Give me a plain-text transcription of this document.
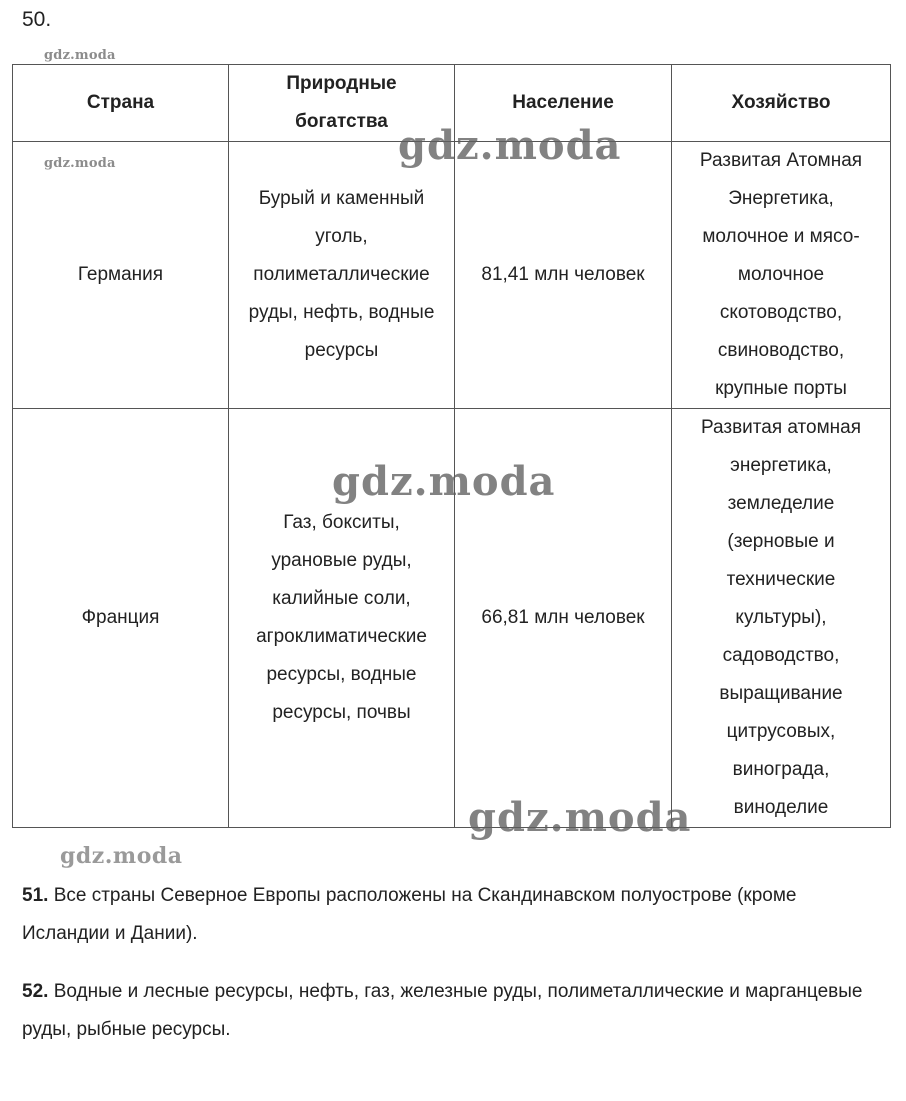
50.
gdz.moda
Страна	Природные богатства	Население	Хозяйство
Германия	Бурый и каменный уголь, полиметаллические руды, нефть, водные ресурсы	81,41 млн человек	Развитая Атомная Энергетика, молочное и мясо-молочное скотоводство, свиноводство, крупные порты
Франция	Газ, бокситы, урановые руды, калийные соли, агроклиматические ресурсы, водные ресурсы, почвы	66,81 млн человек	Развитая атомная энергетика, земледелие (зерновые и технические культуры), садоводство, выращивание цитрусовых, винограда, виноделие
gdz.moda	gdz.moda
gdz.moda
gdz.moda
gdz.moda
51. Все страны Северное Европы расположены на Скандинавском полуострове (кроме Исландии и Дании).
52. Водные и лесные ресурсы, нефть, газ, железные руды, полиметаллические и марганцевые руды, рыбные ресурсы.
